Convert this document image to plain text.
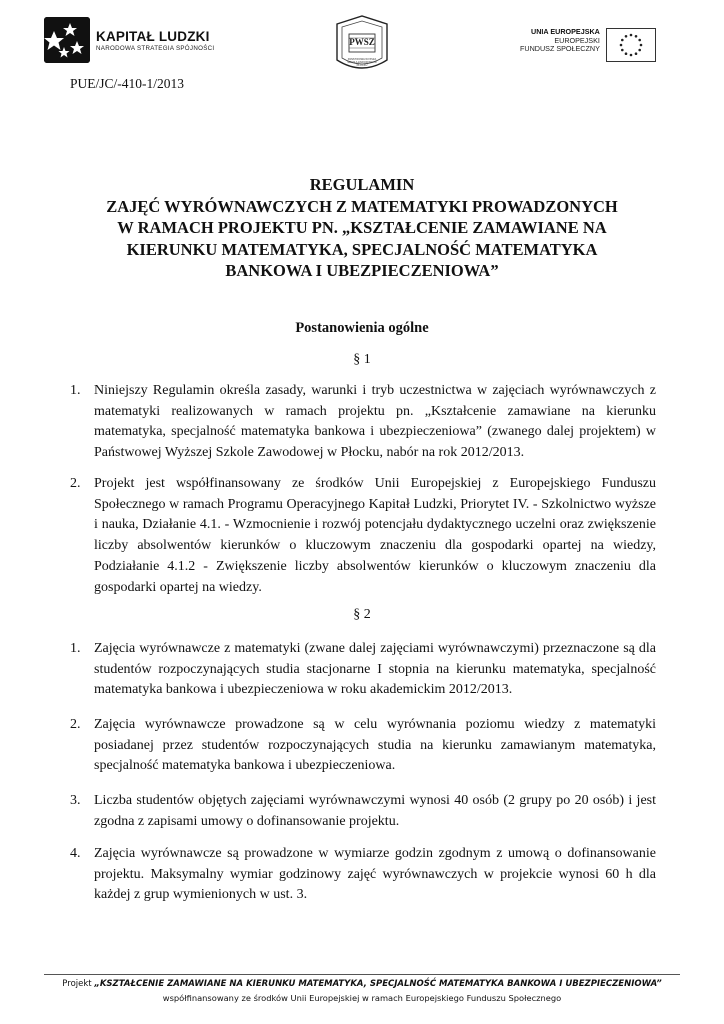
KAPITAŁ LUDZKI
NARODOWA STRATEGIA SPÓJNOŚCI
PWSZ
PAŃSTWOWA WYŻSZA SZKOŁA ZAWODOWA W PŁOCKU
UNIA EUROPEJSKA
EUROPEJSKI
FUNDUSZ SPOŁECZNY
PUE/JC/-410-1/2013
REGULAMIN
ZAJĘĆ WYRÓWNAWCZYCH Z MATEMATYKI PROWADZONYCH
W RAMACH PROJEKTU PN. „KSZTAŁCENIE ZAMAWIANE NA
KIERUNKU MATEMATYKA, SPECJALNOŚĆ MATEMATYKA
BANKOWA I UBEZPIECZENIOWA”
Postanowienia ogólne
§ 1
1. Niniejszy Regulamin określa zasady, warunki i tryb uczestnictwa w zajęciach wyrównawczych z matematyki realizowanych w ramach projektu pn. „Kształcenie zamawiane na kierunku matematyka, specjalność matematyka bankowa i ubezpieczeniowa” (zwanego dalej projektem) w Państwowej Wyższej Szkole Zawodowej w Płocku, nabór na rok 2012/2013.
2. Projekt jest współfinansowany ze środków Unii Europejskiej z Europejskiego Funduszu Społecznego w ramach Programu Operacyjnego Kapitał Ludzki, Priorytet IV. - Szkolnictwo wyższe i nauka, Działanie 4.1. - Wzmocnienie i rozwój potencjału dydaktycznego uczelni oraz zwiększenie liczby absolwentów kierunków o kluczowym znaczeniu dla gospodarki opartej na wiedzy, Podziałanie 4.1.2 - Zwiększenie liczby absolwentów kierunków o kluczowym znaczeniu dla gospodarki opartej na wiedzy.
§ 2
1. Zajęcia wyrównawcze z matematyki (zwane dalej zajęciami wyrównawczymi) przeznaczone są dla studentów rozpoczynających studia stacjonarne I stopnia na kierunku matematyka, specjalność matematyka bankowa i ubezpieczeniowa w roku akademickim 2012/2013.
2. Zajęcia wyrównawcze prowadzone są w celu wyrównania poziomu wiedzy z matematyki posiadanej przez studentów rozpoczynających studia na kierunku zamawianym matematyka, specjalność matematyka bankowa i ubezpieczeniowa.
3. Liczba studentów objętych zajęciami wyrównawczymi wynosi 40 osób (2 grupy po 20 osób) i jest zgodna z zapisami umowy o dofinansowanie projektu.
4. Zajęcia wyrównawcze są prowadzone w wymiarze godzin zgodnym z umową o dofinansowanie projektu. Maksymalny wymiar godzinowy zajęć wyrównawczych w projekcie wynosi 60 h dla każdej z grup wymienionych w ust. 3.
Projekt „KSZTAŁCENIE ZAMAWIANE NA KIERUNKU MATEMATYKA, SPECJALNOŚĆ MATEMATYKA BANKOWA I UBEZPIECZENIOWA”
współfinansowany ze środków Unii Europejskiej w ramach Europejskiego Funduszu Społecznego
